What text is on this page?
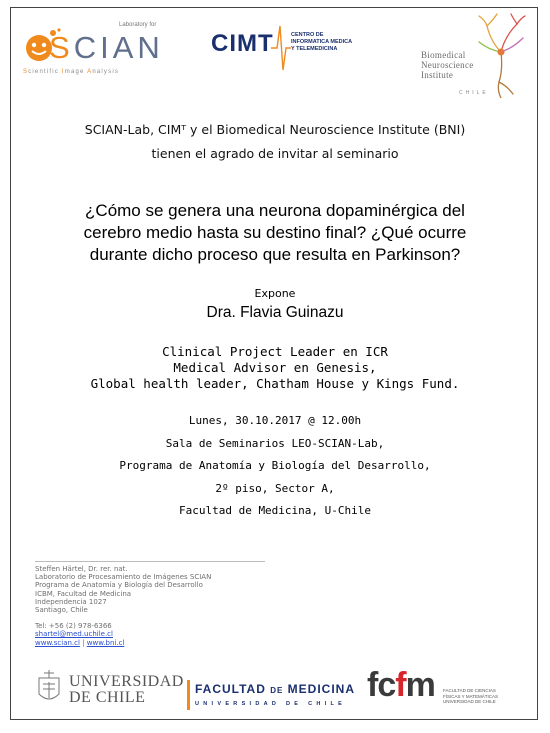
Laboratory for
SCIAN
Scientific Image Analysis
CIMT	CENTRO DE
INFORMATICA MEDICA
Y TELEMEDICINA
Biomedical
Neuroscience
Institute
CHILE
SCIAN-Lab, CIMᵀ y el Biomedical Neuroscience Institute (BNI)
tienen el agrado de invitar al seminario
¿Cómo se genera una neurona dopaminérgica del
cerebro medio hasta su destino final? ¿Qué ocurre
durante dicho proceso que resulta en Parkinson?
Expone
Dra. Flavia Guinazu
Clinical Project Leader en ICR
Medical Advisor en Genesis,
Global health leader, Chatham House y Kings Fund.
Lunes, 30.10.2017 @ 12.00h
Sala de Seminarios LEO-SCIAN-Lab,
Programa de Anatomía y Biología del Desarrollo,
2º piso, Sector A,
Facultad de Medicina, U-Chile
Steffen Härtel, Dr. rer. nat.
Laboratorio de Procesamiento de Imágenes SCIAN
Programa de Anatomía y Biología del Desarrollo
ICBM, Facultad de Medicina
Independencia 1027
Santiago, Chile
Tel: +56 (2) 978-6366
shartel@med.uchile.cl
www.scian.cl | www.bni.cl
UNIVERSIDAD
DE CHILE	FACULTAD DE MEDICINA
UNIVERSIDAD DE CHILE fcfm FACULTAD DE CIENCIAS
FÍSICAS Y MATEMÁTICAS
UNIVERSIDAD DE CHILE
